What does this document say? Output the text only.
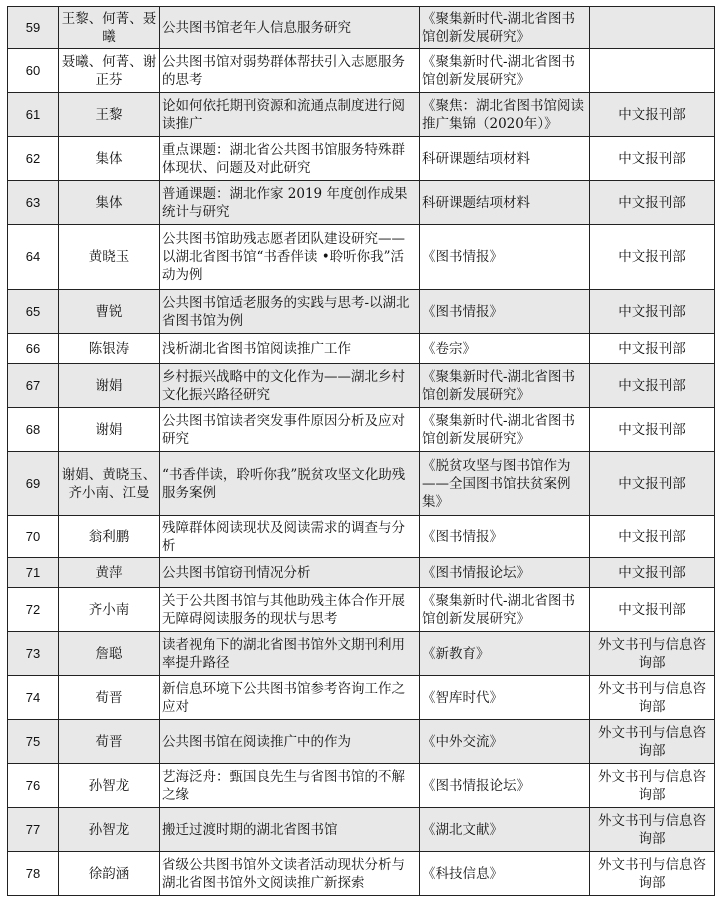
59	王黎、何菁、聂曦	公共图书馆老年人信息服务研究	《聚集新时代-湖北省图书馆创新发展研究》	
60	聂曦、何菁、谢正芬	公共图书馆对弱势群体帮扶引入志愿服务的思考	《聚集新时代-湖北省图书馆创新发展研究》	
61	王黎	论如何依托期刊资源和流通点制度进行阅读推广	《聚焦：湖北省图书馆阅读推广集锦（2020年）》	中文报刊部
62	集体	重点课题：湖北省公共图书馆服务特殊群体现状、问题及对此研究	科研课题结项材料	中文报刊部
63	集体	普通课题：湖北作家 2019 年度创作成果统计与研究	科研课题结项材料	中文报刊部
64	黄晓玉	公共图书馆助残志愿者团队建设研究——以湖北省图书馆“书香伴读 •聆听你我”活动为例	《图书情报》	中文报刊部
65	曹锐	公共图书馆适老服务的实践与思考-以湖北省图书馆为例	《图书情报》	中文报刊部
66	陈银涛	浅析湖北省图书馆阅读推广工作	《卷宗》	中文报刊部
67	谢娟	乡村振兴战略中的文化作为——湖北乡村文化振兴路径研究	《聚集新时代-湖北省图书馆创新发展研究》	中文报刊部
68	谢娟	公共图书馆读者突发事件原因分析及应对研究	《聚集新时代-湖北省图书馆创新发展研究》	中文报刊部
69	谢娟、黄晓玉、齐小南、江曼	“书香伴读，聆听你我”脱贫攻坚文化助残服务案例	《脱贫攻坚与图书馆作为——全国图书馆扶贫案例集》	中文报刊部
70	翁利鹏	残障群体阅读现状及阅读需求的调查与分析	《图书情报》	中文报刊部
71	黄萍	公共图书馆窃刊情况分析	《图书情报论坛》	中文报刊部
72	齐小南	关于公共图书馆与其他助残主体合作开展无障碍阅读服务的现状与思考	《聚集新时代-湖北省图书馆创新发展研究》	中文报刊部
73	詹聪	读者视角下的湖北省图书馆外文期刊利用率提升路径	《新教育》	外文书刊与信息咨询部
74	荀晋	新信息环境下公共图书馆参考咨询工作之应对	《智库时代》	外文书刊与信息咨询部
75	荀晋	公共图书馆在阅读推广中的作为	《中外交流》	外文书刊与信息咨询部
76	孙智龙	艺海泛舟：甄国良先生与省图书馆的不解之缘	《图书情报论坛》	外文书刊与信息咨询部
77	孙智龙	搬迁过渡时期的湖北省图书馆	《湖北文献》	外文书刊与信息咨询部
78	徐韵涵	省级公共图书馆外文读者活动现状分析与湖北省图书馆外文阅读推广新探索	《科技信息》	外文书刊与信息咨询部
